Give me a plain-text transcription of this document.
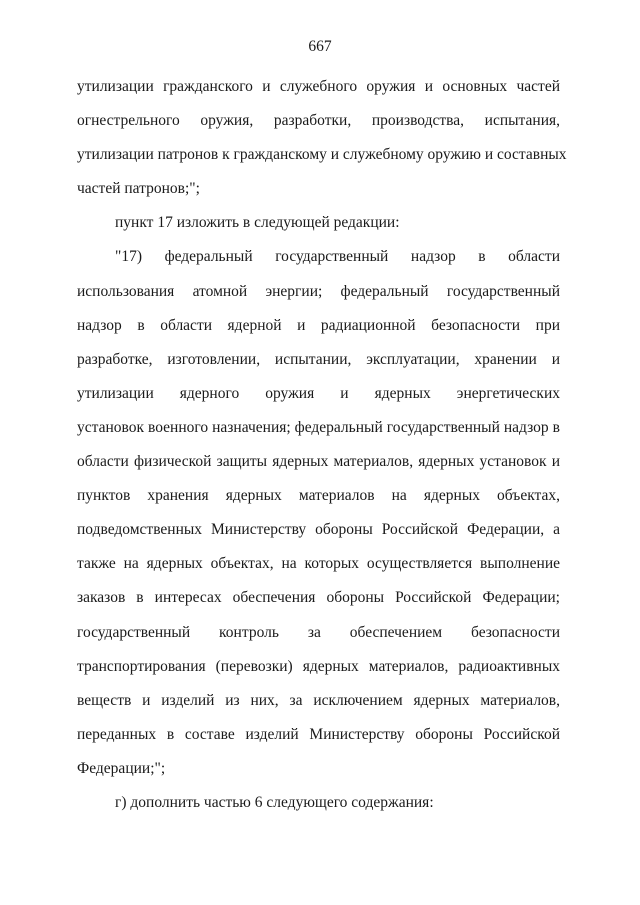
667
утилизации гражданского и служебного оружия и основных частей
огнестрельного оружия, разработки, производства, испытания,
утилизации патронов к гражданскому и служебному оружию и составных
частей патронов;";
пункт 17 изложить в следующей редакции:
"17) федеральный государственный надзор в области
использования атомной энергии; федеральный государственный
надзор в области ядерной и радиационной безопасности при
разработке, изготовлении, испытании, эксплуатации, хранении и
утилизации ядерного оружия и ядерных энергетических
установок военного назначения; федеральный государственный надзор в
области физической защиты ядерных материалов, ядерных установок и
пунктов хранения ядерных материалов на ядерных объектах,
подведомственных Министерству обороны Российской Федерации, а
также на ядерных объектах, на которых осуществляется выполнение
заказов в интересах обеспечения обороны Российской Федерации;
государственный контроль за обеспечением безопасности
транспортирования (перевозки) ядерных материалов, радиоактивных
веществ и изделий из них, за исключением ядерных материалов,
переданных в составе изделий Министерству обороны Российской
Федерации;";
г) дополнить частью 6 следующего содержания:
